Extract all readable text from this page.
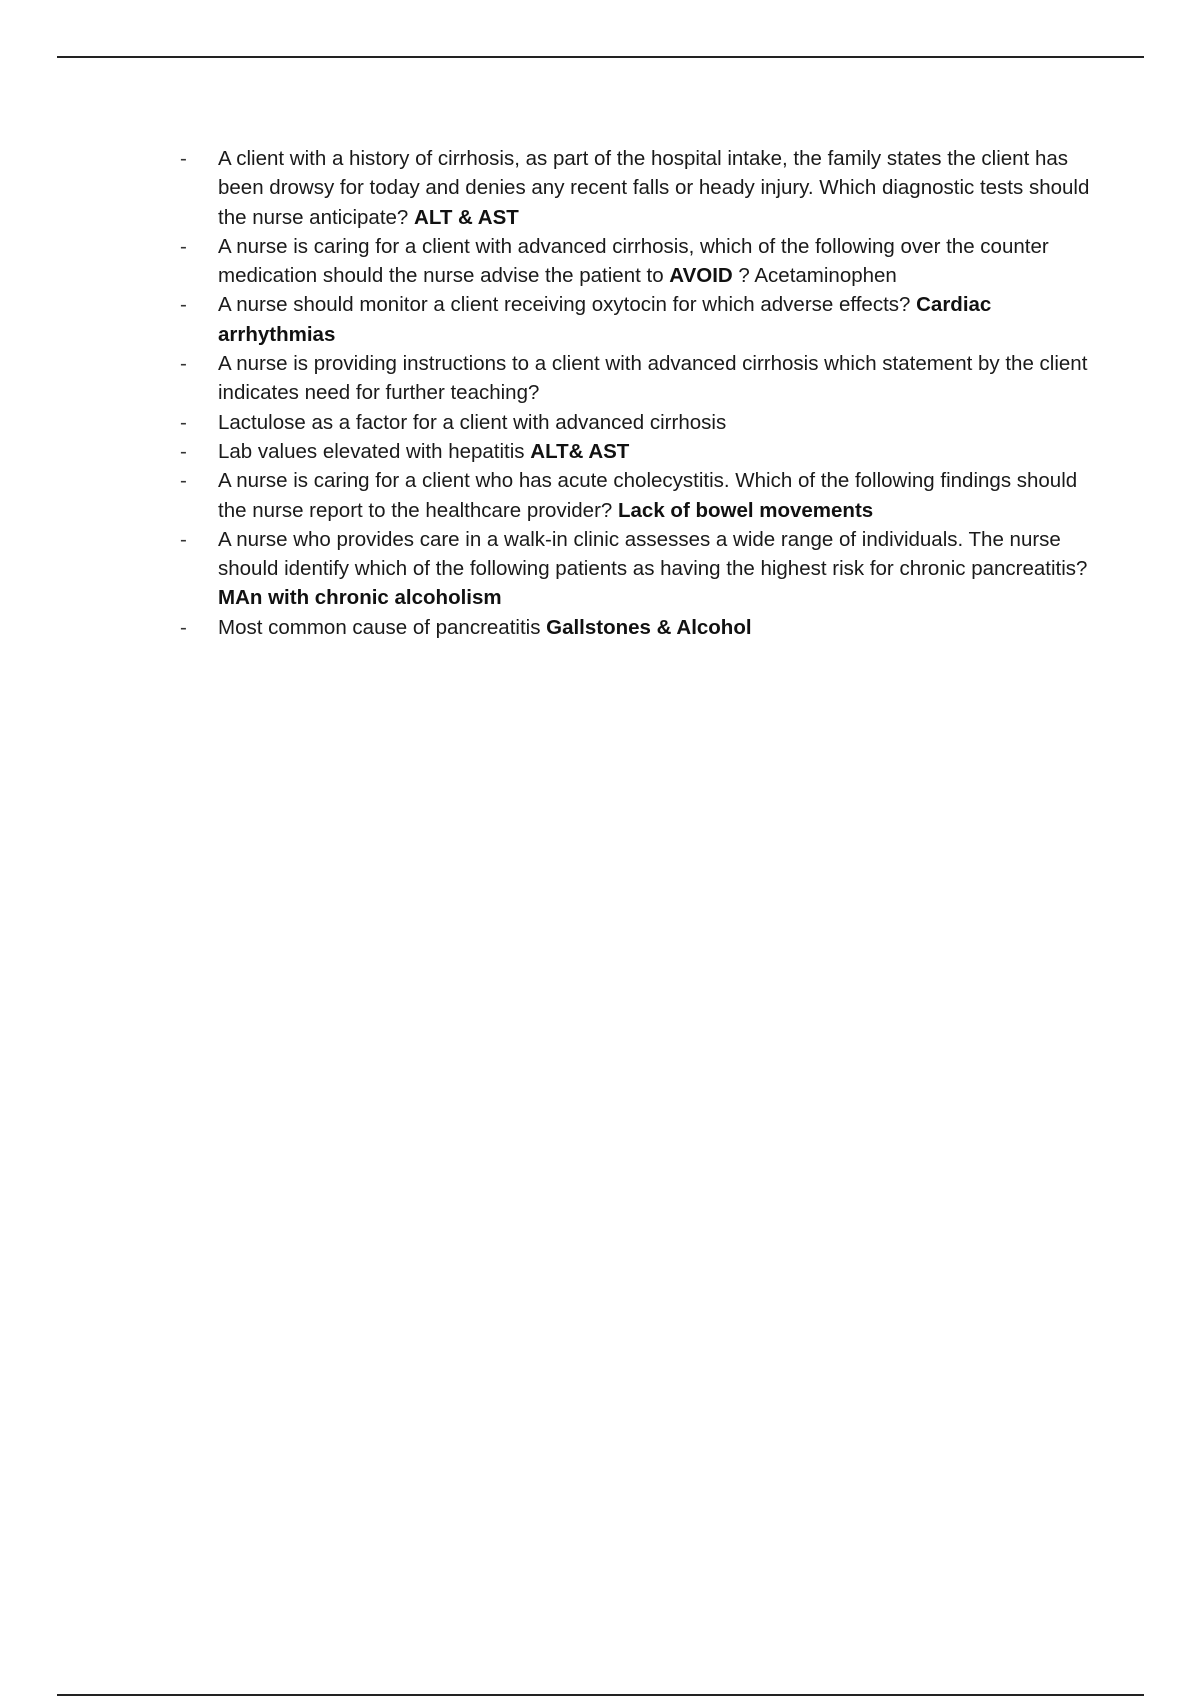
-	A client with a history of cirrhosis, as part of the hospital intake, the family states the client has been drowsy for today and denies any recent falls or heady injury. Which diagnostic tests should the nurse anticipate? ALT & AST
-	A nurse is caring for a client with advanced cirrhosis, which of the following over the counter medication should the nurse advise the patient to AVOID ? Acetaminophen
-	A nurse should monitor a client receiving oxytocin for which adverse effects? Cardiac arrhythmias
-	A nurse is providing instructions to a client with advanced cirrhosis which statement by the client indicates need for further teaching?
-	Lactulose as a factor for a client with advanced cirrhosis
-	Lab values elevated with hepatitis ALT& AST
-	A nurse is caring for a client who has acute cholecystitis. Which of the following findings should the nurse report to the healthcare provider? Lack of bowel movements
-	A nurse who provides care in a walk-in clinic assesses a wide range of individuals. The nurse should identify which of the following patients as having the highest risk for chronic pancreatitis? MAn with chronic alcoholism
-	Most common cause of pancreatitis Gallstones & Alcohol
